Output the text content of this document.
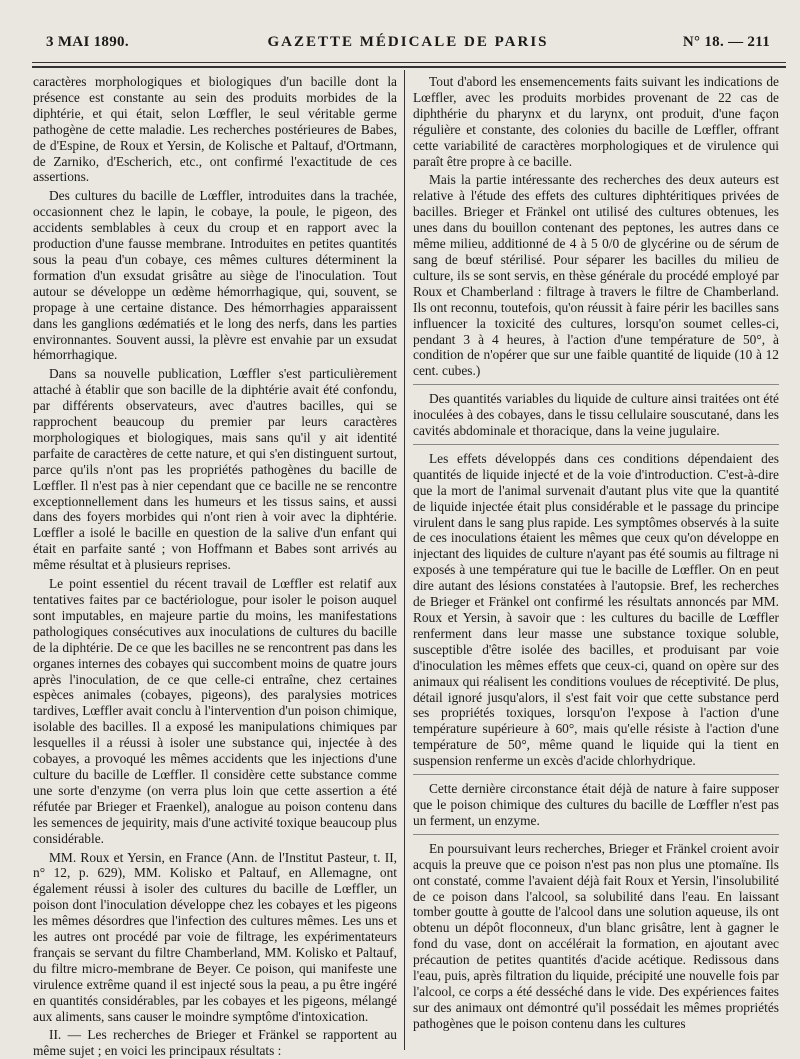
3 MAI 1890.	GAZETTE MÉDICALE DE PARIS	N° 18. — 211

caractères morphologiques et biologiques d'un bacille dont la présence est constante au sein des produits morbides de la diphtérie, et qui était, selon Lœffler, le seul véritable germe pathogène de cette maladie. Les recherches postérieures de Babes, de d'Espine, de Roux et Yersin, de Kolische et Paltauf, d'Ortmann, de Zarniko, d'Escherich, etc., ont confirmé l'exactitude de ces assertions.

Des cultures du bacille de Lœffler, introduites dans la trachée, occasionnent chez le lapin, le cobaye, la poule, le pigeon, des accidents semblables à ceux du croup et en rapport avec la production d'une fausse membrane. Introduites en petites quantités sous la peau d'un cobaye, ces mêmes cultures déterminent la formation d'un exsudat grisâtre au siège de l'inoculation. Tout autour se développe un œdème hémorrhagique, qui, souvent, se propage à une certaine distance. Des hémorrhagies apparaissent dans les ganglions œdématiés et le long des nerfs, dans les parties environnantes. Souvent aussi, la plèvre est envahie par un exsudat hémorrhagique.

Dans sa nouvelle publication, Lœffler s'est particulièrement attaché à établir que son bacille de la diphtérie avait été confondu, par différents observateurs, avec d'autres bacilles, qui se rapprochent beaucoup du premier par leurs caractères morphologiques et biologiques, mais sans qu'il y ait identité parfaite de caractères de cette nature, et qui s'en distinguent surtout, parce qu'ils n'ont pas les propriétés pathogènes du bacille de Lœffler. Il n'est pas à nier cependant que ce bacille ne se rencontre exceptionnellement dans les humeurs et les tissus sains, et aussi dans des foyers morbides qui n'ont rien à voir avec la diphtérie. Lœffler a isolé le bacille en question de la salive d'un enfant qui était en parfaite santé ; von Hoffmann et Babes sont arrivés au même résultat et à plusieurs reprises.

Le point essentiel du récent travail de Lœffler est relatif aux tentatives faites par ce bactériologue, pour isoler le poison auquel sont imputables, en majeure partie du moins, les manifestations pathologiques consécutives aux inoculations de cultures du bacille de la diphtérie. De ce que les bacilles ne se rencontrent pas dans les organes internes des cobayes qui succombent moins de quatre jours après l'inoculation, de ce que celle-ci entraîne, chez certaines espèces animales (cobayes, pigeons), des paralysies motrices tardives, Lœffler avait conclu à l'intervention d'un poison chimique, isolable des bacilles. Il a exposé les manipulations chimiques par lesquelles il a réussi à isoler une substance qui, injectée à des cobayes, a provoqué les mêmes accidents que les injections d'une culture du bacille de Lœffler. Il considère cette substance comme une sorte d'enzyme (on verra plus loin que cette assertion a été réfutée par Brieger et Fraenkel), analogue au poison contenu dans les semences de jequirity, mais d'une activité toxique beaucoup plus considérable.

MM. Roux et Yersin, en France (Ann. de l'Institut Pasteur, t. II, n° 12, p. 629), MM. Kolisko et Paltauf, en Allemagne, ont également réussi à isoler des cultures du bacille de Lœffler, un poison dont l'inoculation développe chez les cobayes et les pigeons les mêmes désordres que l'infection des cultures mêmes. Les uns et les autres ont procédé par voie de filtrage, les expérimentateurs français se servant du filtre Chamberland, MM. Kolisko et Paltauf, du filtre micro-membrane de Beyer. Ce poison, qui manifeste une virulence extrême quand il est injecté sous la peau, a pu être ingéré en quantités considérables, par les cobayes et les pigeons, mélangé aux aliments, sans causer le moindre symptôme d'intoxication.

II. — Les recherches de Brieger et Fränkel se rapportent au même sujet ; en voici les principaux résultats :

Tout d'abord les ensemencements faits suivant les indications de Lœffler, avec les produits morbides provenant de 22 cas de diphthérie du pharynx et du larynx, ont produit, d'une façon régulière et constante, des colonies du bacille de Lœffler, offrant cette variabilité de caractères morphologiques et de virulence qui paraît être propre à ce bacille.

Mais la partie intéressante des recherches des deux auteurs est relative à l'étude des effets des cultures diphtéritiques privées de bacilles. Brieger et Fränkel ont utilisé des cultures obtenues, les unes dans du bouillon contenant des peptones, les autres dans ce même milieu, additionné de 4 à 5 0/0 de glycérine ou de sérum de sang de bœuf stérilisé. Pour séparer les bacilles du milieu de culture, ils se sont servis, en thèse générale du procédé employé par Roux et Chamberland : filtrage à travers le filtre de Chamberland. Ils ont reconnu, toutefois, qu'on réussit à faire périr les bacilles sans influencer la toxicité des cultures, lorsqu'on soumet celles-ci, pendant 3 à 4 heures, à l'action d'une température de 50°, à condition de n'opérer que sur une faible quantité de liquide (10 à 12 cent. cubes.)

Des quantités variables du liquide de culture ainsi traitées ont été inoculées à des cobayes, dans le tissu cellulaire souscutané, dans les cavités abdominale et thoracique, dans la veine jugulaire.

Les effets développés dans ces conditions dépendaient des quantités de liquide injecté et de la voie d'introduction. C'est-à-dire que la mort de l'animal survenait d'autant plus vite que la quantité de liquide injectée était plus considérable et le passage du principe virulent dans le sang plus rapide. Les symptômes observés à la suite de ces inoculations étaient les mêmes que ceux qu'on développe en injectant des liquides de culture n'ayant pas été soumis au filtrage ni exposés à une température qui tue le bacille de Lœffler. On en peut dire autant des lésions constatées à l'autopsie. Bref, les recherches de Brieger et Fränkel ont confirmé les résultats annoncés par MM. Roux et Yersin, à savoir que : les cultures du bacille de Lœffler renferment dans leur masse une substance toxique soluble, susceptible d'être isolée des bacilles, et produisant par voie d'inoculation les mêmes effets que ceux-ci, quand on opère sur des animaux qui réalisent les conditions voulues de réceptivité. De plus, détail ignoré jusqu'alors, il s'est fait voir que cette substance perd ses propriétés toxiques, lorsqu'on l'expose à l'action d'une température supérieure à 60°, mais qu'elle résiste à l'action d'une température de 50°, même quand le liquide qui la tient en suspension renferme un excès d'acide chlorhydrique.

Cette dernière circonstance était déjà de nature à faire supposer que le poison chimique des cultures du bacille de Lœffler n'est pas un ferment, un enzyme.

En poursuivant leurs recherches, Brieger et Fränkel croient avoir acquis la preuve que ce poison n'est pas non plus une ptomaïne. Ils ont constaté, comme l'avaient déjà fait Roux et Yersin, l'insolubilité de ce poison dans l'alcool, sa solubilité dans l'eau. En laissant tomber goutte à goutte de l'alcool dans une solution aqueuse, ils ont obtenu un dépôt floconneux, d'un blanc grisâtre, lent à gagner le fond du vase, dont on accélérait la formation, en ajoutant avec précaution de petites quantités d'acide acétique. Redissous dans l'eau, puis, après filtration du liquide, précipité une nouvelle fois par l'alcool, ce corps a été desséché dans le vide. Des expériences faites sur des animaux ont démontré qu'il possédait les mêmes propriétés pathogènes que le poison contenu dans les cultures
